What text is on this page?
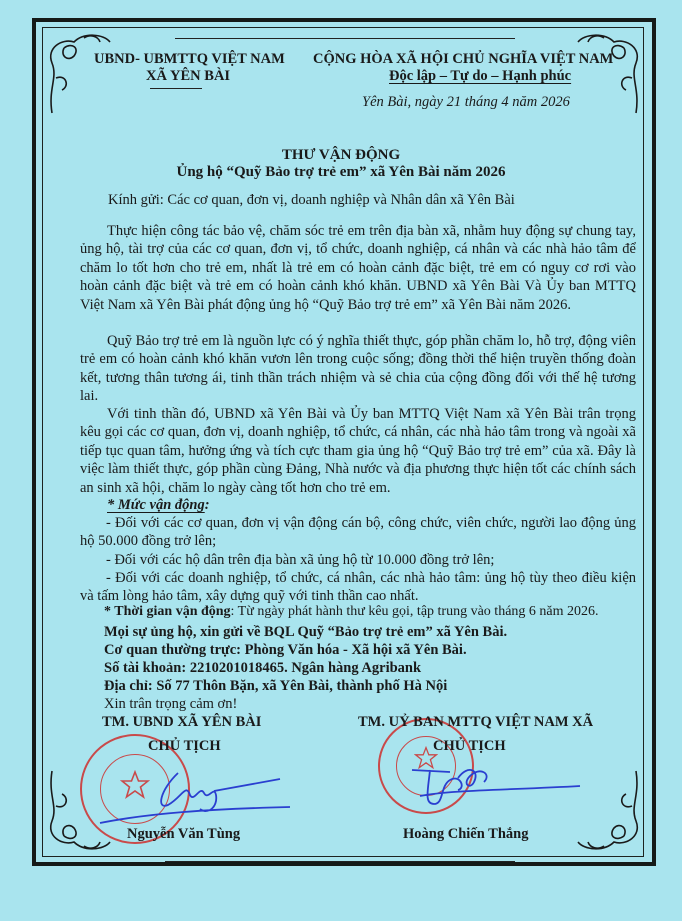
UBND- UBMTTQ VIỆT NAM
XÃ YÊN BÀI
CỘNG HÒA XÃ HỘI CHỦ NGHĨA VIỆT NAM
Độc lập – Tự do – Hạnh phúc
Yên Bài, ngày 21 tháng 4 năm 2026
THƯ VẬN ĐỘNG
Ủng hộ “Quỹ Bảo trợ trẻ em” xã Yên Bài năm 2026
Kính gửi: Các cơ quan, đơn vị, doanh nghiệp và Nhân dân xã Yên Bài
Thực hiện công tác bảo vệ, chăm sóc trẻ em trên địa bàn xã, nhằm huy động sự chung tay, ủng hộ, tài trợ của các cơ quan, đơn vị, tổ chức, doanh nghiệp, cá nhân và các nhà hảo tâm để chăm lo tốt hơn cho trẻ em, nhất là trẻ em có hoàn cảnh đặc biệt, trẻ em có nguy cơ rơi vào hoàn cảnh đặc biệt và trẻ em có hoàn cảnh khó khăn. UBND xã Yên Bài Và Ủy ban MTTQ Việt Nam xã Yên Bài phát động ủng hộ “Quỹ Bảo trợ trẻ em” xã Yên Bài năm 2026.
Quỹ Bảo trợ trẻ em là nguồn lực có ý nghĩa thiết thực, góp phần chăm lo, hỗ trợ, động viên trẻ em có hoàn cảnh khó khăn vươn lên trong cuộc sống; đồng thời thể hiện truyền thống đoàn kết, tương thân tương ái, tinh thần trách nhiệm và sẻ chia của cộng đồng đối với thế hệ tương lai.
Với tinh thần đó, UBND xã Yên Bài và Ủy ban MTTQ Việt Nam xã Yên Bài trân trọng kêu gọi các cơ quan, đơn vị, doanh nghiệp, tổ chức, cá nhân, các nhà hảo tâm trong và ngoài xã tiếp tục quan tâm, hưởng ứng và tích cực tham gia ủng hộ “Quỹ Bảo trợ trẻ em” của xã. Đây là việc làm thiết thực, góp phần cùng Đảng, Nhà nước và địa phương thực hiện tốt các chính sách an sinh xã hội, chăm lo ngày càng tốt hơn cho trẻ em.
* Mức vận động:
- Đối với các cơ quan, đơn vị vận động cán bộ, công chức, viên chức, người lao động ủng hộ 50.000 đồng trở lên;
- Đối với các hộ dân trên địa bàn xã ủng hộ từ 10.000 đồng trở lên;
- Đối với các doanh nghiệp, tổ chức, cá nhân, các nhà hảo tâm: ủng hộ tùy theo điều kiện và tấm lòng hảo tâm, xây dựng quỹ với tinh thần cao nhất.
* Thời gian vận động: Từ ngày phát hành thư kêu gọi, tập trung vào tháng 6 năm 2026.
Mọi sự ủng hộ, xin gửi về BQL Quỹ “Bảo trợ trẻ em” xã Yên Bài.
Cơ quan thường trực: Phòng Văn hóa - Xã hội xã Yên Bài.
Số tài khoản: 2210201018465. Ngân hàng Agribank
Địa chỉ: Số 77 Thôn Bặn, xã Yên Bài, thành phố Hà Nội
Xin trân trọng cảm ơn!
TM. UBND XÃ YÊN BÀI
CHỦ TỊCH
Nguyễn Văn Tùng
TM. UỶ BAN MTTQ VIỆT NAM XÃ
CHỦ TỊCH
Hoàng Chiến Thắng
